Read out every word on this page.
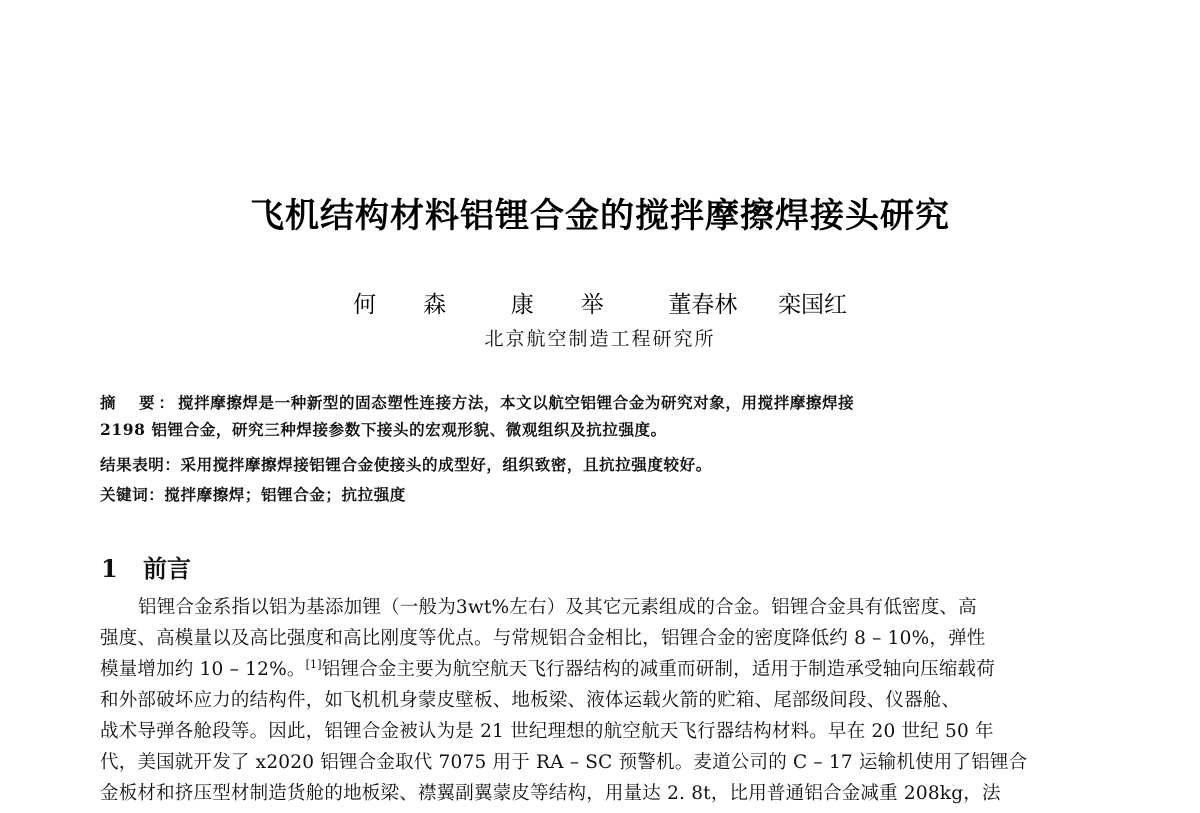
飞机结构材料铝锂合金的搅拌摩擦焊接头研究
何　森 康　举 董春林 栾国红
北京航空制造工程研究所
摘　要：搅拌摩擦焊是一种新型的固态塑性连接方法，本文以航空铝锂合金为研究对象，用搅拌摩擦焊接
2198 铝锂合金，研究三种焊接参数下接头的宏观形貌、微观组织及抗拉强度。
结果表明：采用搅拌摩擦焊接铝锂合金使接头的成型好，组织致密，且抗拉强度较好。
关键词：搅拌摩擦焊；铝锂合金；抗拉强度
1 前言
铝锂合金系指以铝为基添加锂（一般为3wt%左右）及其它元素组成的合金。铝锂合金具有低密度、高
强度、高模量以及高比强度和高比刚度等优点。与常规铝合金相比，铝锂合金的密度降低约 8 – 10%，弹性
模量增加约 10 – 12%。[1]铝锂合金主要为航空航天飞行器结构的减重而研制，适用于制造承受轴向压缩载荷
和外部破坏应力的结构件，如飞机机身蒙皮壁板、地板梁、液体运载火箭的贮箱、尾部级间段、仪器舱、
战术导弹各舱段等。因此，铝锂合金被认为是 21 世纪理想的航空航天飞行器结构材料。早在 20 世纪 50 年
代，美国就开发了 x2020 铝锂合金取代 7075 用于 RA – SC 预警机。麦道公司的 C – 17 运输机使用了铝锂合
金板材和挤压型材制造货舱的地板梁、襟翼副翼蒙皮等结构，用量达 2. 8t，比用普通铝合金减重 208kg，法
